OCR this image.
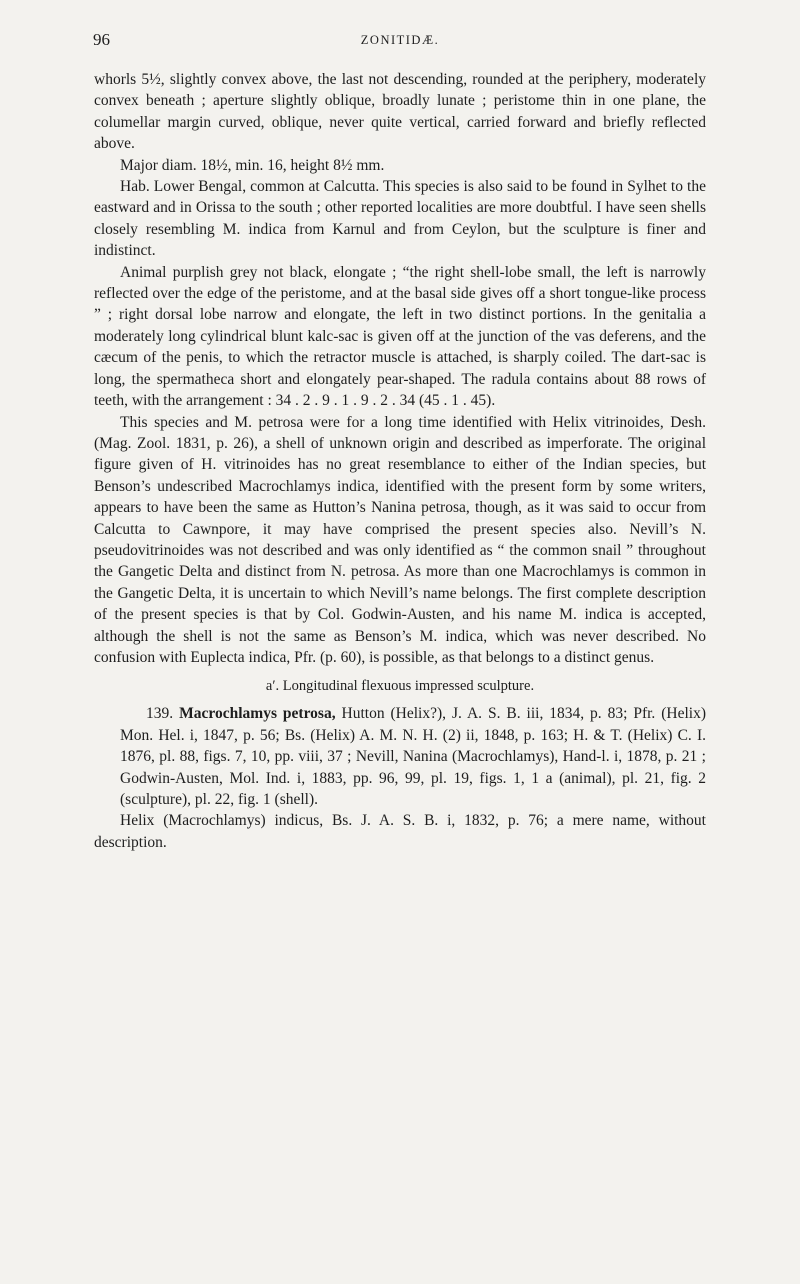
96	ZONITIDÆ.

whorls 5½, slightly convex above, the last not descending, rounded at the periphery, moderately convex beneath ; aperture slightly oblique, broadly lunate ; peristome thin in one plane, the columellar margin curved, oblique, never quite vertical, carried forward and briefly reflected above.

Major diam. 18½, min. 16, height 8½ mm.

Hab. Lower Bengal, common at Calcutta. This species is also said to be found in Sylhet to the eastward and in Orissa to the south ; other reported localities are more doubtful. I have seen shells closely resembling M. indica from Karnul and from Ceylon, but the sculpture is finer and indistinct.

Animal purplish grey not black, elongate ; “the right shell-lobe small, the left is narrowly reflected over the edge of the peristome, and at the basal side gives off a short tongue-like process ” ; right dorsal lobe narrow and elongate, the left in two distinct portions. In the genitalia a moderately long cylindrical blunt kalc-sac is given off at the junction of the vas deferens, and the cæcum of the penis, to which the retractor muscle is attached, is sharply coiled. The dart-sac is long, the spermatheca short and elongately pear-shaped. The radula contains about 88 rows of teeth, with the arrangement : 34 . 2 . 9 . 1 . 9 . 2 . 34 (45 . 1 . 45).

This species and M. petrosa were for a long time identified with Helix vitrinoides, Desh. (Mag. Zool. 1831, p. 26), a shell of unknown origin and described as imperforate. The original figure given of H. vitrinoides has no great resemblance to either of the Indian species, but Benson’s undescribed Macrochlamys indica, identified with the present form by some writers, appears to have been the same as Hutton’s Nanina petrosa, though, as it was said to occur from Calcutta to Cawnpore, it may have comprised the present species also. Nevill’s N. pseudovitrinoides was not described and was only identified as “ the common snail ” throughout the Gangetic Delta and distinct from N. petrosa. As more than one Macrochlamys is common in the Gangetic Delta, it is uncertain to which Nevill’s name belongs. The first complete description of the present species is that by Col. Godwin-Austen, and his name M. indica is accepted, although the shell is not the same as Benson’s M. indica, which was never described. No confusion with Euplecta indica, Pfr. (p. 60), is possible, as that belongs to a distinct genus.

a′. Longitudinal flexuous impressed sculpture.

139. Macrochlamys petrosa, Hutton (Helix?), J. A. S. B. iii, 1834, p. 83; Pfr. (Helix) Mon. Hel. i, 1847, p. 56; Bs. (Helix) A. M. N. H. (2) ii, 1848, p. 163; H. & T. (Helix) C. I. 1876, pl. 88, figs. 7, 10, pp. viii, 37 ; Nevill, Nanina (Macrochlamys), Hand-l. i, 1878, p. 21 ; Godwin-Austen, Mol. Ind. i, 1883, pp. 96, 99, pl. 19, figs. 1, 1 a (animal), pl. 21, fig. 2 (sculpture), pl. 22, fig. 1 (shell).

Helix (Macrochlamys) indicus, Bs. J. A. S. B. i, 1832, p. 76; a mere name, without description.
